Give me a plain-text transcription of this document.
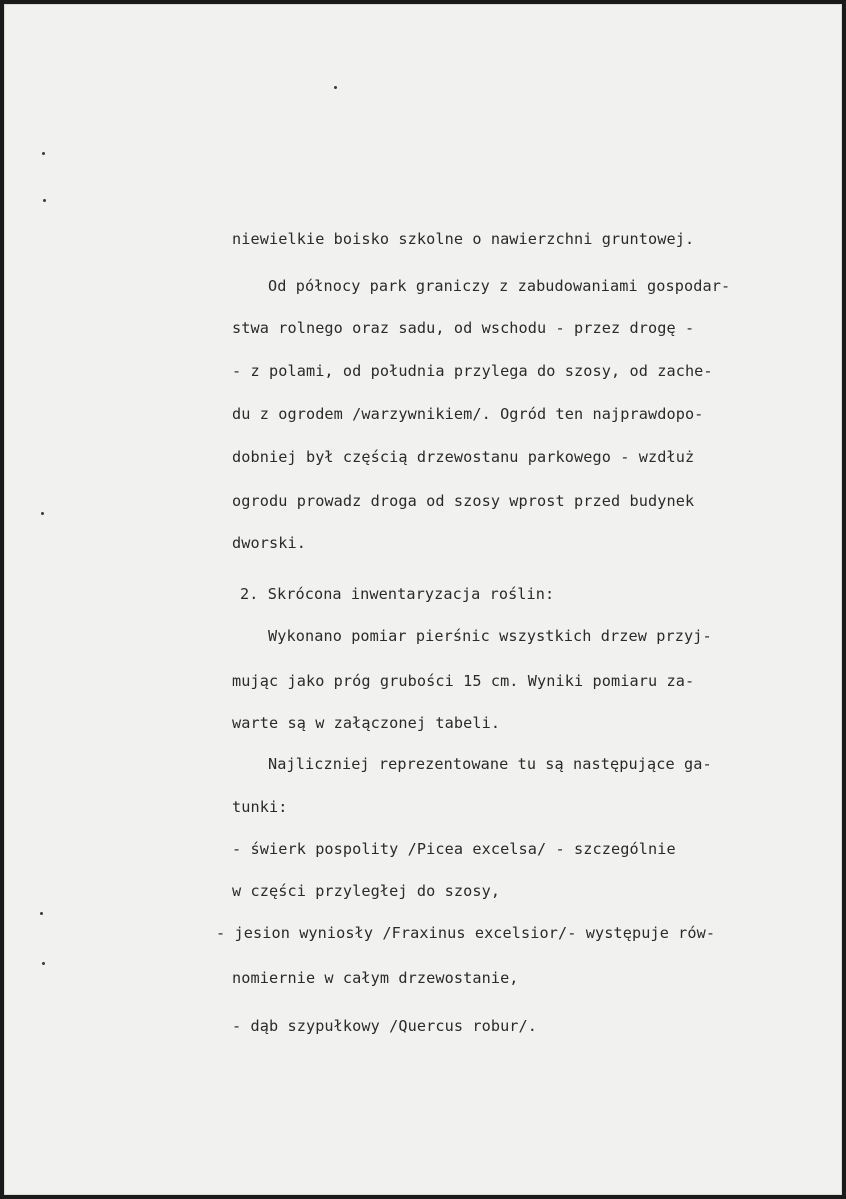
niewielkie boisko szkolne o nawierzchni gruntowej.
Od północy park graniczy z zabudowaniami gospodar-
stwa rolnego oraz sadu, od wschodu - przez drogę -
- z polami, od południa przylega do szosy, od zache-
du z ogrodem /warzywnikiem/. Ogród ten najprawdopo-
dobniej był częścią drzewostanu parkowego - wzdłuż
ogrodu prowadz droga od szosy wprost przed budynek
dworski.
2. Skrócona inwentaryzacja roślin:
Wykonano pomiar pierśnic wszystkich drzew przyj-
mując jako próg grubości 15 cm. Wyniki pomiaru za-
warte są w załączonej tabeli.
Najliczniej reprezentowane tu są następujące ga-
tunki:
- świerk pospolity /Picea excelsa/ - szczególnie
w części przyległej do szosy,
- jesion wyniosły /Fraxinus excelsior/- występuje rów-
nomiernie w całym drzewostanie,
- dąb szypułkowy /Quercus robur/.
